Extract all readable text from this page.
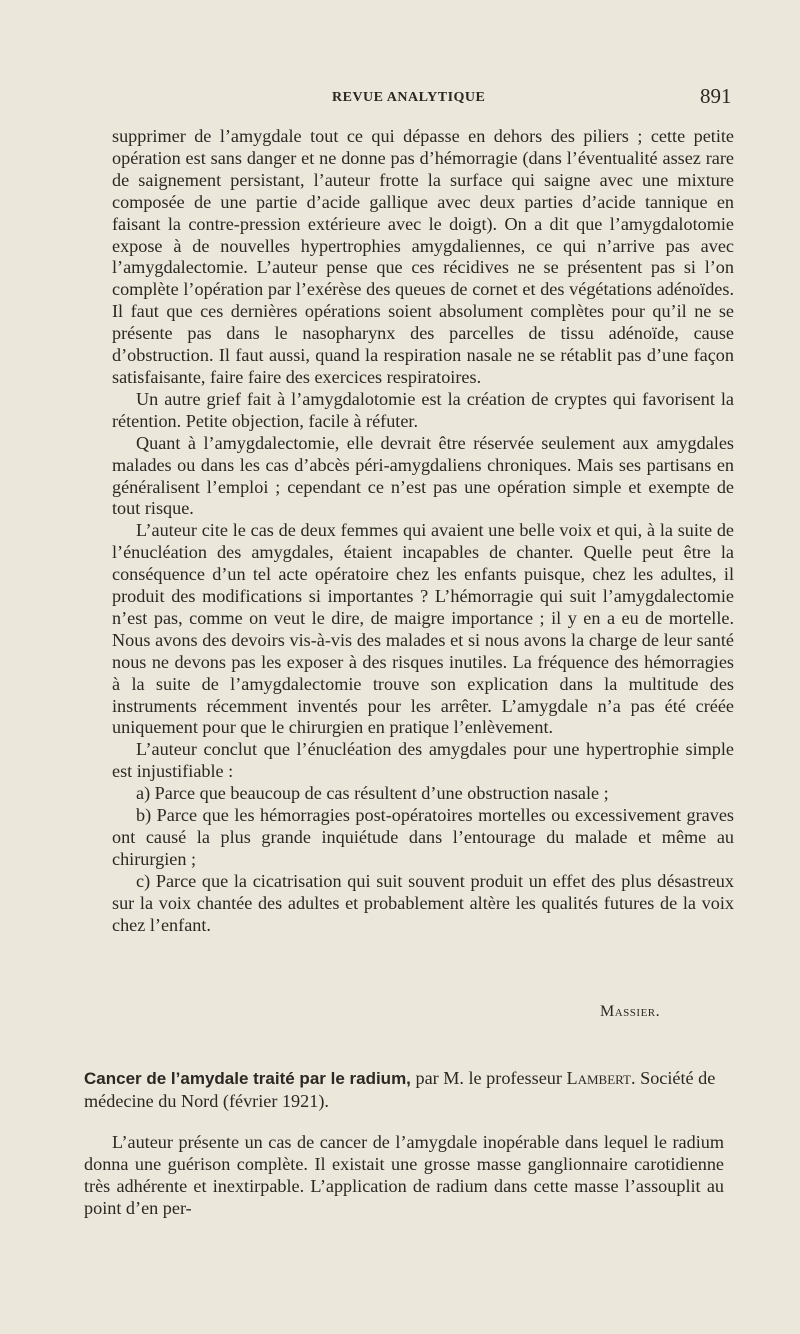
REVUE ANALYTIQUE	891

supprimer de l’amygdale tout ce qui dépasse en dehors des piliers ; cette petite opération est sans danger et ne donne pas d’hémorragie (dans l’éventualité assez rare de saignement persistant, l’auteur frotte la surface qui saigne avec une mixture composée de une partie d’acide gallique avec deux parties d’acide tannique en faisant la contre-pression extérieure avec le doigt). On a dit que l’amygdalotomie expose à de nouvelles hypertrophies amygdaliennes, ce qui n’arrive pas avec l’amygdalectomie. L’auteur pense que ces récidives ne se présentent pas si l’on complète l’opération par l’exérèse des queues de cornet et des végétations adénoïdes. Il faut que ces dernières opérations soient absolument complètes pour qu’il ne se présente pas dans le nasopharynx des parcelles de tissu adénoïde, cause d’obstruction. Il faut aussi, quand la respiration nasale ne se rétablit pas d’une façon satisfaisante, faire faire des exercices respiratoires.

Un autre grief fait à l’amygdalotomie est la création de cryptes qui favorisent la rétention. Petite objection, facile à réfuter.

Quant à l’amygdalectomie, elle devrait être réservée seulement aux amygdales malades ou dans les cas d’abcès péri-amygdaliens chroniques. Mais ses partisans en généralisent l’emploi ; cependant ce n’est pas une opération simple et exempte de tout risque.

L’auteur cite le cas de deux femmes qui avaient une belle voix et qui, à la suite de l’énucléation des amygdales, étaient incapables de chanter. Quelle peut être la conséquence d’un tel acte opératoire chez les enfants puisque, chez les adultes, il produit des modifications si importantes ? L’hémorragie qui suit l’amygdalectomie n’est pas, comme on veut le dire, de maigre importance ; il y en a eu de mortelle. Nous avons des devoirs vis-à-vis des malades et si nous avons la charge de leur santé nous ne devons pas les exposer à des risques inutiles. La fréquence des hémorragies à la suite de l’amygdalectomie trouve son explication dans la multitude des instruments récemment inventés pour les arrêter. L’amygdale n’a pas été créée uniquement pour que le chirurgien en pratique l’enlèvement.

L’auteur conclut que l’énucléation des amygdales pour une hypertrophie simple est injustifiable :

a) Parce que beaucoup de cas résultent d’une obstruction nasale ;

b) Parce que les hémorragies post-opératoires mortelles ou excessivement graves ont causé la plus grande inquiétude dans l’entourage du malade et même au chirurgien ;

c) Parce que la cicatrisation qui suit souvent produit un effet des plus désastreux sur la voix chantée des adultes et probablement altère les qualités futures de la voix chez l’enfant.

Massier.
Cancer de l’amydale traité par le radium, par M. le professeur Lambert. Société de médecine du Nord (février 1921).

L’auteur présente un cas de cancer de l’amygdale inopérable dans lequel le radium donna une guérison complète. Il existait une grosse masse ganglionnaire carotidienne très adhérente et inextirpable. L’application de radium dans cette masse l’assouplit au point d’en per-
